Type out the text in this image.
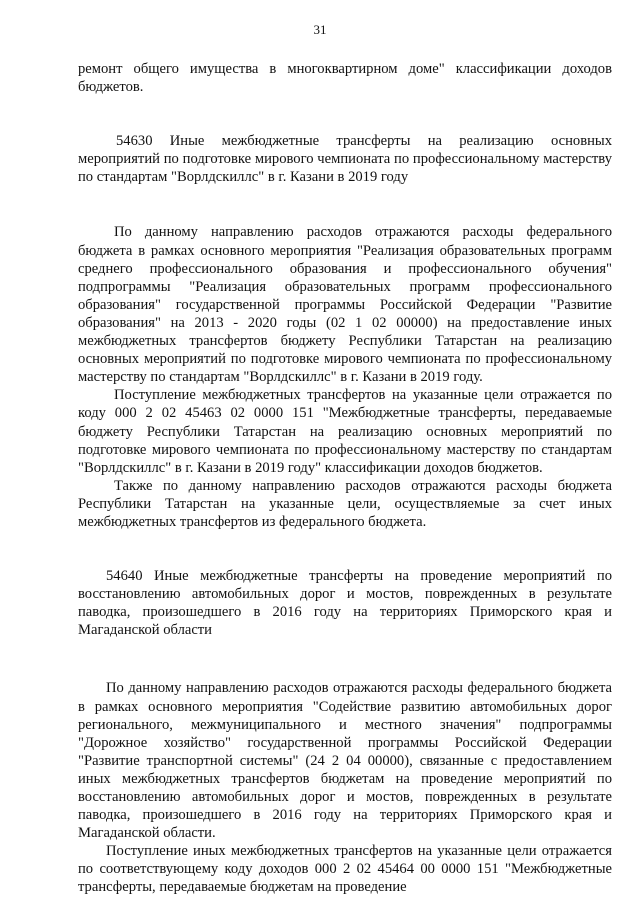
31

ремонт общего имущества в многоквартирном доме" классификации доходов бюджетов.

54630 Иные межбюджетные трансферты на реализацию основных мероприятий по подготовке мирового чемпионата по профессиональному мастерству по стандартам "Ворлдскиллс" в г. Казани в 2019 году

По данному направлению расходов отражаются расходы федерального бюджета в рамках основного мероприятия "Реализация образовательных программ среднего профессионального образования и профессионального обучения" подпрограммы "Реализация образовательных программ профессионального образования" государственной программы Российской Федерации "Развитие образования" на 2013 - 2020 годы (02 1 02 00000) на предоставление иных межбюджетных трансфертов бюджету Республики Татарстан на реализацию основных мероприятий по подготовке мирового чемпионата по профессиональному мастерству по стандартам "Ворлдскиллс" в г. Казани в 2019 году.

Поступление межбюджетных трансфертов на указанные цели отражается по коду 000 2 02 45463 02 0000 151 "Межбюджетные трансферты, передаваемые бюджету Республики Татарстан на реализацию основных мероприятий по подготовке мирового чемпионата по профессиональному мастерству по стандартам "Ворлдскиллс" в г. Казани в 2019 году" классификации доходов бюджетов.

Также по данному направлению расходов отражаются расходы бюджета Республики Татарстан на указанные цели, осуществляемые за счет иных межбюджетных трансфертов из федерального бюджета.

54640 Иные межбюджетные трансферты на проведение мероприятий по восстановлению автомобильных дорог и мостов, поврежденных в результате паводка, произошедшего в 2016 году на территориях Приморского края и Магаданской области

По данному направлению расходов отражаются расходы федерального бюджета в рамках основного мероприятия "Содействие развитию автомобильных дорог регионального, межмуниципального и местного значения" подпрограммы "Дорожное хозяйство" государственной программы Российской Федерации "Развитие транспортной системы" (24 2 04 00000), связанные с предоставлением иных межбюджетных трансфертов бюджетам на проведение мероприятий по восстановлению автомобильных дорог и мостов, поврежденных в результате паводка, произошедшего в 2016 году на территориях Приморского края и Магаданской области.

Поступление иных межбюджетных трансфертов на указанные цели отражается по соответствующему коду доходов 000 2 02 45464 00 0000 151 "Межбюджетные трансферты, передаваемые бюджетам на проведение
